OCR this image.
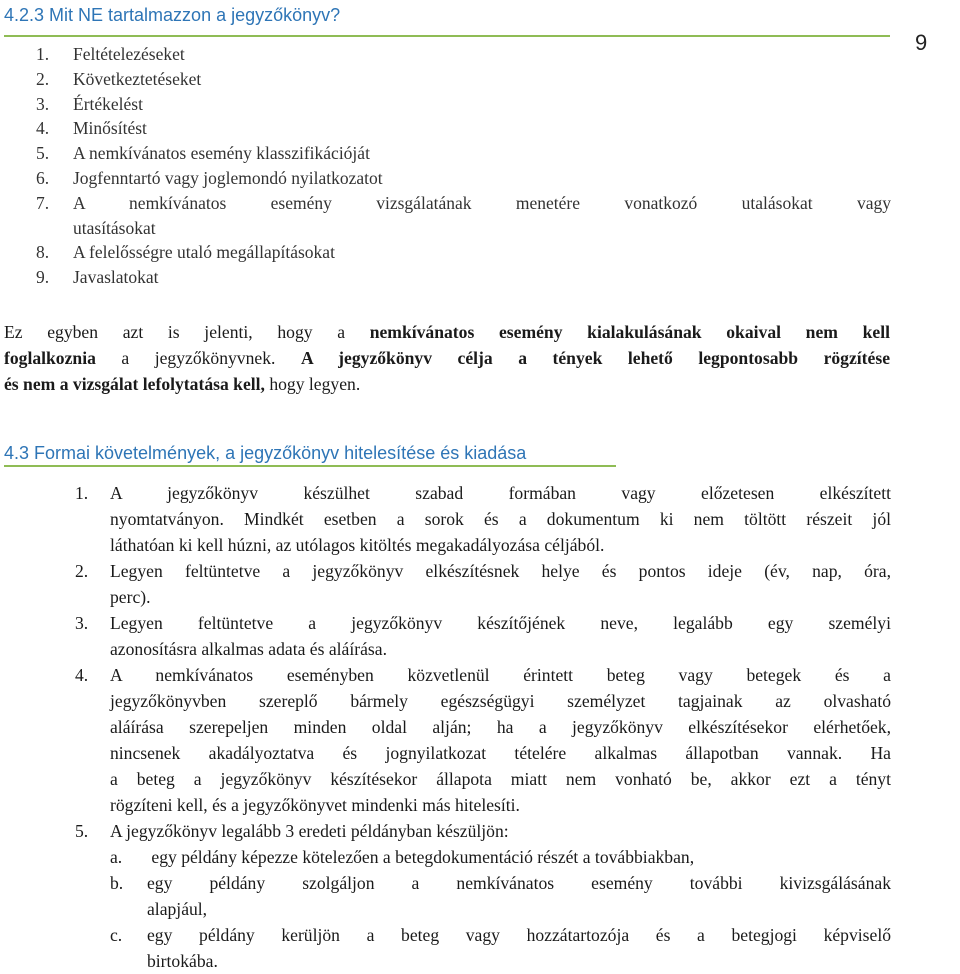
4.2.3 Mit NE tartalmazzon a jegyzőkönyv?
9
1.	Feltételezéseket
2.	Következtetéseket
3.	Értékelést
4.	Minősítést
5.	A nemkívánatos esemény klasszifikációját
6.	Jogfenntartó vagy joglemondó nyilatkozatot
7.	A nemkívánatos esemény vizsgálatának menetére vonatkozó utalásokat vagy
utasításokat
8.	A felelősségre utaló megállapításokat
9.	Javaslatokat
Ez egyben azt is jelenti, hogy a nemkívánatos esemény kialakulásának okaival nem kell
foglalkoznia a jegyzőkönyvnek. A jegyzőkönyv célja a tények lehető legpontosabb rögzítése
és nem a vizsgálat lefolytatása kell, hogy legyen.
4.3 Formai követelmények, a jegyzőkönyv hitelesítése és kiadása
1.	A jegyzőkönyv készülhet szabad formában vagy előzetesen elkészített
nyomtatványon. Mindkét esetben a sorok és a dokumentum ki nem töltött részeit jól
láthatóan ki kell húzni, az utólagos kitöltés megakadályozása céljából.
2.	Legyen feltüntetve a jegyzőkönyv elkészítésnek helye és pontos ideje (év, nap, óra,
perc).
3.	Legyen feltüntetve a jegyzőkönyv készítőjének neve, legalább egy személyi
azonosításra alkalmas adata és aláírása.
4.	A nemkívánatos eseményben közvetlenül érintett beteg vagy betegek és a
jegyzőkönyvben szereplő bármely egészségügyi személyzet tagjainak az olvasható
aláírása szerepeljen minden oldal alján; ha a jegyzőkönyv elkészítésekor elérhetőek,
nincsenek akadályoztatva és jognyilatkozat tételére alkalmas állapotban vannak. Ha
a beteg a jegyzőkönyv készítésekor állapota miatt nem vonható be, akkor ezt a tényt
rögzíteni kell, és a jegyzőkönyvet mindenki más hitelesíti.
5.	A jegyzőkönyv legalább 3 eredeti példányban készüljön:
a.	egy példány képezze kötelezően a betegdokumentáció részét a továbbiakban,
b.	egy példány szolgáljon a nemkívánatos esemény további kivizsgálásának
alapjául,
c.	egy példány kerüljön a beteg vagy hozzátartozója és a betegjogi képviselő
birtokába.
